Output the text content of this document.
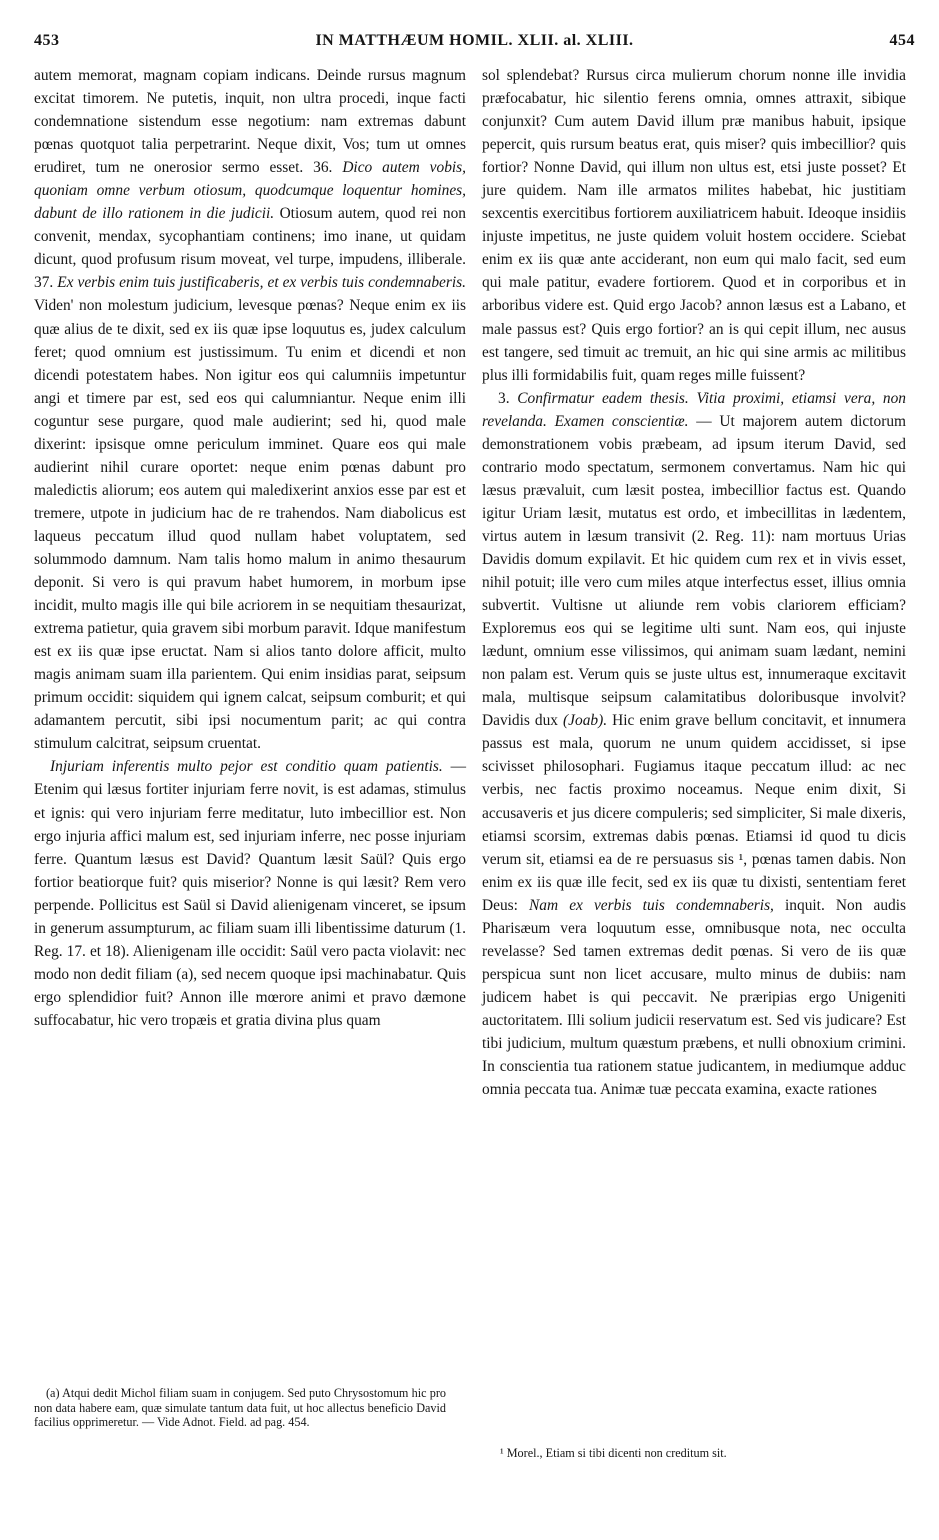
453	IN MATTHÆUM HOMIL. XLII. al. XLIII.	454

autem memorat, magnam copiam indicans. Deinde rursus magnum excitat timorem. Ne putetis, inquit, non ultra procedi, inque facti condemnatione sistendum esse negotium: nam extremas dabunt pœnas quotquot talia perpetrarint. Neque dixit, Vos; tum ut omnes erudiret, tum ne onerosior sermo esset. 36. Dico autem vobis, quoniam omne verbum otiosum, quodcumque loquentur homines, dabunt de illo rationem in die judicii. Otiosum autem, quod rei non convenit, mendax, sycophantiam continens; imo inane, ut quidam dicunt, quod profusum risum moveat, vel turpe, impudens, illiberale. 37. Ex verbis enim tuis justificaberis, et ex verbis tuis condemnaberis. Viden' non molestum judicium, levesque pœnas? Neque enim ex iis quæ alius de te dixit, sed ex iis quæ ipse loquutus es, judex calculum feret; quod omnium est justissimum. Tu enim et dicendi et non dicendi potestatem habes. Non igitur eos qui calumniis impetuntur angi et timere par est, sed eos qui calumniantur. Neque enim illi coguntur sese purgare, quod male audierint; sed hi, quod male dixerint: ipsisque omne periculum imminet. Quare eos qui male audierint nihil curare oportet: neque enim pœnas dabunt pro maledictis aliorum; eos autem qui maledixerint anxios esse par est et tremere, utpote in judicium hac de re trahendos. Nam diabolicus est laqueus peccatum illud quod nullam habet voluptatem, sed solummodo damnum. Nam talis homo malum in animo thesaurum deponit. Si vero is qui pravum habet humorem, in morbum ipse incidit, multo magis ille qui bile acriorem in se nequitiam thesaurizat, extrema patietur, quia gravem sibi morbum paravit. Idque manifestum est ex iis quæ ipse eructat. Nam si alios tanto dolore afficit, multo magis animam suam illa parientem. Qui enim insidias parat, seipsum primum occidit: siquidem qui ignem calcat, seipsum comburit; et qui adamantem percutit, sibi ipsi nocumentum parit; ac qui contra stimulum calcitrat, seipsum cruentat.

Injuriam inferentis multo pejor est conditio quam patientis. — Etenim qui læsus fortiter injuriam ferre novit, is est adamas, stimulus et ignis: qui vero injuriam ferre meditatur, luto imbecillior est. Non ergo injuria affici malum est, sed injuriam inferre, nec posse injuriam ferre. Quantum læsus est David? Quantum læsit Saül? Quis ergo fortior beatiorque fuit? quis miserior? Nonne is qui læsit? Rem vero perpende. Pollicitus est Saül si David alienigenam vinceret, se ipsum in generum assumpturum, ac filiam suam illi libentissime daturum (1. Reg. 17. et 18). Alienigenam ille occidit: Saül vero pacta violavit: nec modo non dedit filiam (a), sed necem quoque ipsi machinabatur. Quis ergo splendidior fuit? Annon ille mœrore animi et pravo dæmone suffocabatur, hic vero tropæis et gratia divina plus quam

sol splendebat? Rursus circa mulierum chorum nonne ille invidia præfocabatur, hic silentio ferens omnia, omnes attraxit, sibique conjunxit? Cum autem David illum præ manibus habuit, ipsique pepercit, quis rursum beatus erat, quis miser? quis imbecillior? quis fortior? Nonne David, qui illum non ultus est, etsi juste posset? Et jure quidem. Nam ille armatos milites habebat, hic justitiam sexcentis exercitibus fortiorem auxiliatricem habuit. Ideoque insidiis injuste impetitus, ne juste quidem voluit hostem occidere. Sciebat enim ex iis quæ ante acciderant, non eum qui malo facit, sed eum qui male patitur, evadere fortiorem. Quod et in corporibus et in arboribus videre est. Quid ergo Jacob? annon læsus est a Labano, et male passus est? Quis ergo fortior? an is qui cepit illum, nec ausus est tangere, sed timuit ac tremuit, an hic qui sine armis ac militibus plus illi formidabilis fuit, quam reges mille fuissent?

3. Confirmatur eadem thesis. Vitia proximi, etiamsi vera, non revelanda. Examen conscientiæ. — Ut majorem autem dictorum demonstrationem vobis præbeam, ad ipsum iterum David, sed contrario modo spectatum, sermonem convertamus. Nam hic qui læsus prævaluit, cum læsit postea, imbecillior factus est. Quando igitur Uriam læsit, mutatus est ordo, et imbecillitas in lædentem, virtus autem in læsum transivit (2. Reg. 11): nam mortuus Urias Davidis domum expilavit. Et hic quidem cum rex et in vivis esset, nihil potuit; ille vero cum miles atque interfectus esset, illius omnia subvertit. Vultisne ut aliunde rem vobis clariorem efficiam? Exploremus eos qui se legitime ulti sunt. Nam eos, qui injuste lædunt, omnium esse vilissimos, qui animam suam lædant, nemini non palam est. Verum quis se juste ultus est, innumeraque excitavit mala, multisque seipsum calamitatibus doloribusque involvit? Davidis dux (Joab). Hic enim grave bellum concitavit, et innumera passus est mala, quorum ne unum quidem accidisset, si ipse scivisset philosophari. Fugiamus itaque peccatum illud: ac nec verbis, nec factis proximo noceamus. Neque enim dixit, Si accusaveris et jus dicere compuleris; sed simpliciter, Si male dixeris, etiamsi scorsim, extremas dabis pœnas. Etiamsi id quod tu dicis verum sit, etiamsi ea de re persuasus sis ¹, pœnas tamen dabis. Non enim ex iis quæ ille fecit, sed ex iis quæ tu dixisti, sententiam feret Deus: Nam ex verbis tuis condemnaberis, inquit. Non audis Pharisæum vera loquutum esse, omnibusque nota, nec occulta revelasse? Sed tamen extremas dedit pœnas. Si vero de iis quæ perspicua sunt non licet accusare, multo minus de dubiis: nam judicem habet is qui peccavit. Ne præripias ergo Unigeniti auctoritatem. Illi solium judicii reservatum est. Sed vis judicare? Est tibi judicium, multum quæstum præbens, et nulli obnoxium crimini. In conscientia tua rationem statue judicantem, in mediumque adduc omnia peccata tua. Animæ tuæ peccata examina, exacte rationes

(a) Atqui dedit Michol filiam suam in conjugem. Sed puto Chrysostomum hic pro non data habere eam, quæ simulate tantum data fuit, ut hoc allectus beneficio David facilius opprimeretur. — Vide Adnot. Field. ad pag. 454.

¹ Morel., Etiam si tibi dicenti non creditum sit.
